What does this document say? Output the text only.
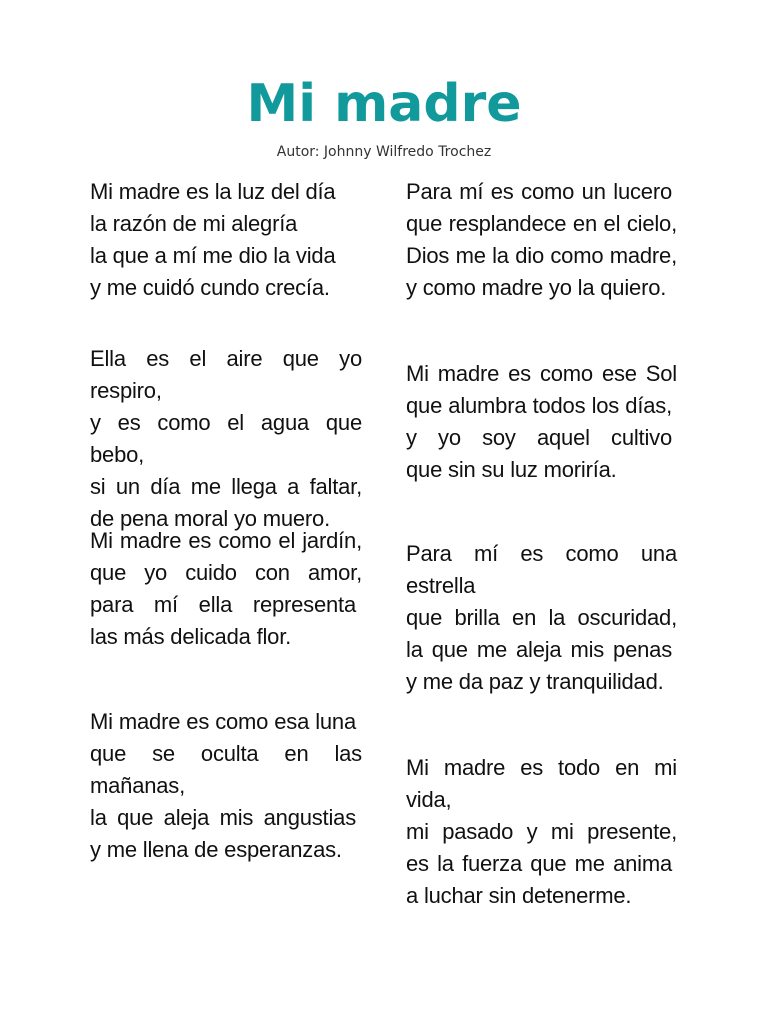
Mi madre
Autor: Johnny Wilfredo Trochez
Mi madre es la luz del día
la razón de mi alegría
la que a mí me dio la vida
y me cuidó cundo crecía.
Ella es el aire que yo respiro,
y es como el agua que bebo,
si un día me llega a faltar,
de pena moral yo muero.
Mi madre es como el jardín,
que yo cuido con amor,
para mí ella representa
las más delicada flor.
Mi madre es como esa luna
que se oculta en las
mañanas,
la que aleja mis angustias
y me llena de esperanzas.
Para mí es como un lucero
que resplandece en el cielo,
Dios me la dio como madre,
y como madre yo la quiero.
Mi madre es como ese Sol
que alumbra todos los días,
y yo soy aquel cultivo
que sin su luz moriría.
Para mí es como una
estrella
que brilla en la oscuridad,
la que me aleja mis penas
y me da paz y tranquilidad.
Mi madre es todo en mi vida,
mi pasado y mi presente,
es la fuerza que me anima
a luchar sin detenerme.
